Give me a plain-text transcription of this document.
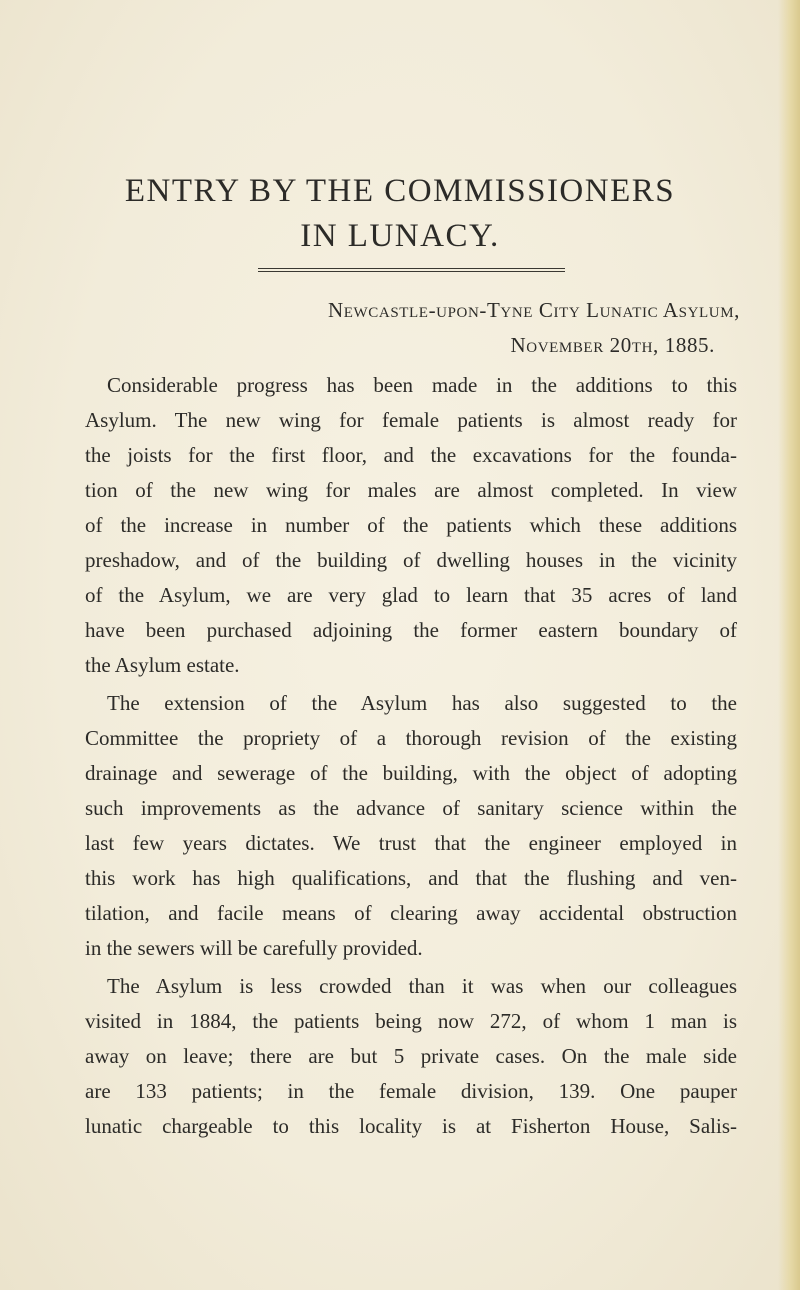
ENTRY BY THE COMMISSIONERS
IN LUNACY.
Newcastle-upon-Tyne City Lunatic Asylum,
November 20th, 1885.
Considerable progress has been made in the additions to this
Asylum. The new wing for female patients is almost ready for
the joists for the first floor, and the excavations for the founda-
tion of the new wing for males are almost completed. In view
of the increase in number of the patients which these additions
preshadow, and of the building of dwelling houses in the vicinity
of the Asylum, we are very glad to learn that 35 acres of land
have been purchased adjoining the former eastern boundary of
the Asylum estate.
The extension of the Asylum has also suggested to the
Committee the propriety of a thorough revision of the existing
drainage and sewerage of the building, with the object of adopting
such improvements as the advance of sanitary science within the
last few years dictates. We trust that the engineer employed in
this work has high qualifications, and that the flushing and ven-
tilation, and facile means of clearing away accidental obstruction
in the sewers will be carefully provided.
The Asylum is less crowded than it was when our colleagues
visited in 1884, the patients being now 272, of whom 1 man is
away on leave; there are but 5 private cases. On the male side
are 133 patients; in the female division, 139. One pauper
lunatic chargeable to this locality is at Fisherton House, Salis-
